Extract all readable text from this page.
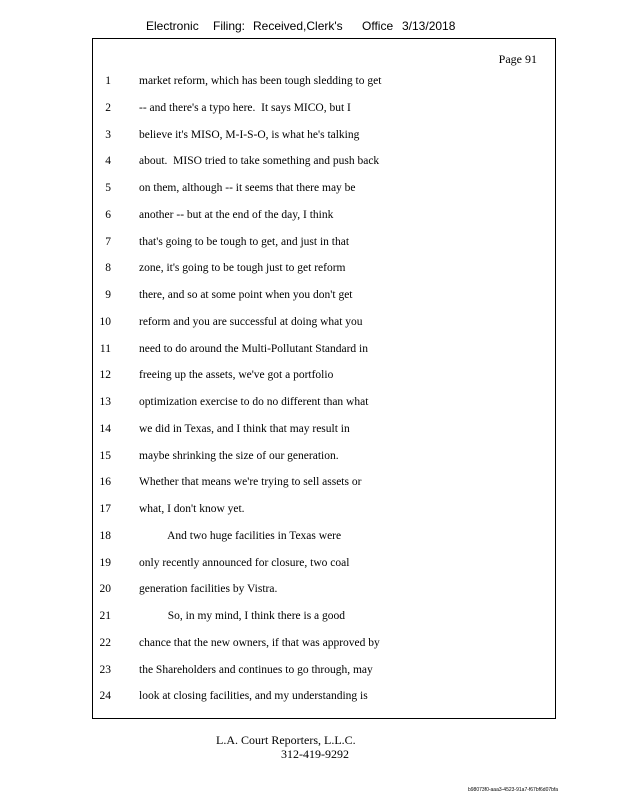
Electronic Filing: Received,Clerk's Office 3/13/2018
Page 91
1 market reform, which has been tough sledding to get
2 -- and there's a typo here.  It says MICO, but I
3 believe it's MISO, M-I-S-O, is what he's talking
4 about.  MISO tried to take something and push back
5 on them, although -- it seems that there may be
6 another -- but at the end of the day, I think
7 that's going to be tough to get, and just in that
8 zone, it's going to be tough just to get reform
9 there, and so at some point when you don't get
10 reform and you are successful at doing what you
11 need to do around the Multi-Pollutant Standard in
12 freeing up the assets, we've got a portfolio
13 optimization exercise to do no different than what
14 we did in Texas, and I think that may result in
15 maybe shrinking the size of our generation.
16 Whether that means we're trying to sell assets or
17 what, I don't know yet.
18 And two huge facilities in Texas were
19 only recently announced for closure, two coal
20 generation facilities by Vistra.
21 So, in my mind, I think there is a good
22 chance that the new owners, if that was approved by
23 the Shareholders and continues to go through, may
24 look at closing facilities, and my understanding is
L.A. Court Reporters, L.L.C.
312-419-9292
b98073f0-aaa3-4523-91a7-f67bf6d07bfa
